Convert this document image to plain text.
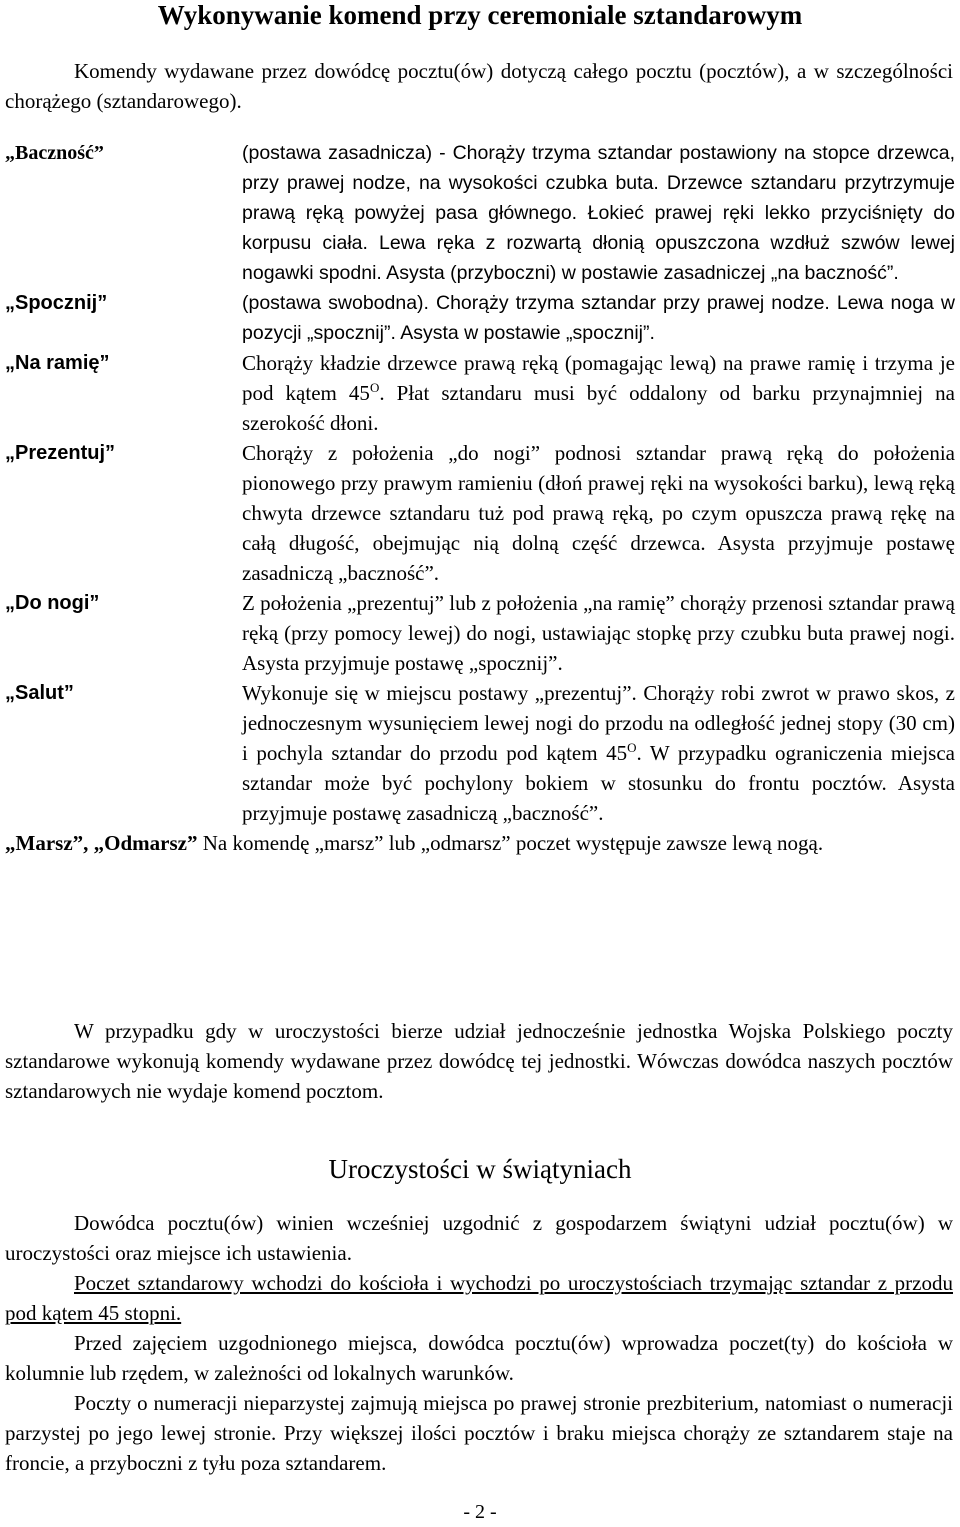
Wykonywanie komend przy ceremoniale sztandarowym
Komendy wydawane przez dowódcę pocztu(ów) dotyczą całego pocztu (pocztów), a w szczególności chorążego (sztandarowego).
„Baczność”	(postawa zasadnicza) - Chorąży trzyma sztandar postawiony na stopce drzewca, przy prawej nodze, na wysokości czubka buta. Drzewce sztandaru przytrzymuje prawą ręką powyżej pasa głównego. Łokieć prawej ręki lekko przyciśnięty do korpusu ciała. Lewa ręka z rozwartą dłonią opuszczona wzdłuż szwów lewej nogawki spodni. Asysta (przyboczni) w postawie zasadniczej „na baczność”.
„Spocznij”	(postawa swobodna). Chorąży trzyma sztandar przy prawej nodze. Lewa noga w pozycji „spocznij”. Asysta w postawie „spocznij”.
„Na ramię”	Chorąży kładzie drzewce prawą ręką (pomagając lewą) na prawe ramię i trzyma je pod kątem $45^O$. Płat sztandaru musi być oddalony od barku przynajmniej na szerokość dłoni.
„Prezentuj”	Chorąży z położenia „do nogi” podnosi sztandar prawą ręką do położenia pionowego przy prawym ramieniu (dłoń prawej ręki na wysokości barku), lewą ręką chwyta drzewce sztandaru tuż pod prawą ręką, po czym opuszcza prawą rękę na całą długość, obejmując nią dolną część drzewca. Asysta przyjmuje postawę zasadniczą „baczność”.
„Do nogi”	Z położenia „prezentuj” lub z położenia „na ramię” chorąży przenosi sztandar prawą ręką (przy pomocy lewej) do nogi, ustawiając stopkę przy czubku buta prawej nogi. Asysta przyjmuje postawę „spocznij”.
„Salut”	Wykonuje się w miejscu postawy „prezentuj”. Chorąży robi zwrot w prawo skos, z jednoczesnym wysunięciem lewej nogi do przodu na odległość jednej stopy (30 cm) i pochyla sztandar do przodu pod kątem $45^O$. W przypadku ograniczenia miejsca sztandar może być pochylony bokiem w stosunku do frontu pocztów. Asysta przyjmuje postawę zasadniczą „baczność”.
„Marsz”, „Odmarsz” Na komendę „marsz” lub „odmarsz” poczet występuje zawsze lewą nogą.
W przypadku gdy w uroczystości bierze udział jednocześnie jednostka Wojska Polskiego poczty sztandarowe wykonują komendy wydawane przez dowódcę tej jednostki. Wówczas dowódca naszych pocztów sztandarowych nie wydaje komend pocztom.
Uroczystości w świątyniach
Dowódca pocztu(ów) winien wcześniej uzgodnić z gospodarzem świątyni udział pocztu(ów) w uroczystości oraz miejsce ich ustawienia.
Poczet sztandarowy wchodzi do kościoła i wychodzi po uroczystościach trzymając sztandar z przodu pod kątem 45 stopni.
Przed zajęciem uzgodnionego miejsca, dowódca pocztu(ów) wprowadza poczet(ty) do kościoła w kolumnie lub rzędem, w zależności od lokalnych warunków.
Poczty o numeracji nieparzystej zajmują miejsca po prawej stronie prezbiterium, natomiast o numeracji parzystej po jego lewej stronie. Przy większej ilości pocztów i braku miejsca chorąży ze sztandarem staje na froncie, a przyboczni z tyłu poza sztandarem.
- 2 -
